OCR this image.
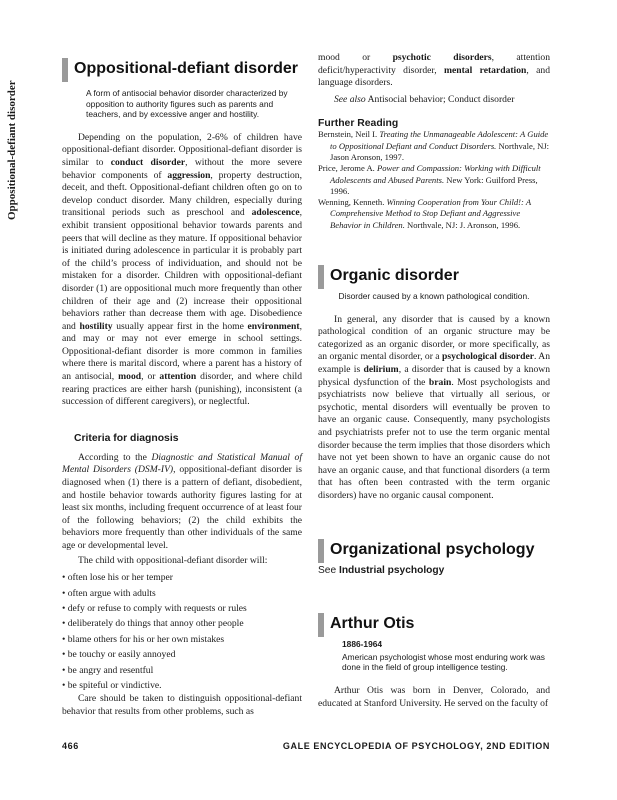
Oppositional-defiant disorder
Oppositional-defiant disorder

A form of antisocial behavior disorder characterized by opposition to authority figures such as parents and teachers, and by excessive anger and hostility.

Depending on the population, 2-6% of children have oppositional-defiant disorder. Oppositional-defiant disorder is similar to conduct disorder, without the more severe behavior components of aggression, property destruction, deceit, and theft. Oppositional-defiant children often go on to develop conduct disorder. Many children, especially during transitional periods such as preschool and adolescence, exhibit transient oppositional behavior towards parents and peers that will decline as they mature. If oppositional behavior is initiated during adolescence in particular it is probably part of the child’s process of individuation, and should not be mistaken for a disorder. Children with oppositional-defiant disorder (1) are oppositional much more frequently than other children of their age and (2) increase their oppositional behaviors rather than decrease them with age. Disobedience and hostility usually appear first in the home environment, and may or may not ever emerge in school settings. Oppositional-defiant disorder is more common in families where there is marital discord, where a parent has a history of an antisocial, mood, or attention disorder, and where child rearing practices are either harsh (punishing), inconsistent (a succession of different caregivers), or neglectful.

Criteria for diagnosis

According to the Diagnostic and Statistical Manual of Mental Disorders (DSM-IV), oppositional-defiant disorder is diagnosed when (1) there is a pattern of defiant, disobedient, and hostile behavior towards authority figures lasting for at least six months, including frequent occurrence of at least four of the following behaviors; (2) the child exhibits the behaviors more frequently than other individuals of the same age or developmental level.

The child with oppositional-defiant disorder will:

• often lose his or her temper
• often argue with adults
• defy or refuse to comply with requests or rules
• deliberately do things that annoy other people
• blame others for his or her own mistakes
• be touchy or easily annoyed
• be angry and resentful
• be spiteful or vindictive.

Care should be taken to distinguish oppositional-defiant behavior that results from other problems, such as

mood or psychotic disorders, attention deficit/hyperactivity disorder, mental retardation, and language disorders.

See also Antisocial behavior; Conduct disorder

Further Reading

Bernstein, Neil I. Treating the Unmanageable Adolescent: A Guide to Oppositional Defiant and Conduct Disorders. Northvale, NJ: Jason Aronson, 1997.

Price, Jerome A. Power and Compassion: Working with Difficult Adolescents and Abused Parents. New York: Guilford Press, 1996.

Wenning, Kenneth. Winning Cooperation from Your Child!: A Comprehensive Method to Stop Defiant and Aggressive Behavior in Children. Northvale, NJ: J. Aronson, 1996.

Organic disorder

Disorder caused by a known pathological condition.

In general, any disorder that is caused by a known pathological condition of an organic structure may be categorized as an organic disorder, or more specifically, as an organic mental disorder, or a psychological disorder. An example is delirium, a disorder that is caused by a known physical dysfunction of the brain. Most psychologists and psychiatrists now believe that virtually all serious, or psychotic, mental disorders will eventually be proven to have an organic cause. Consequently, many psychologists and psychiatrists prefer not to use the term organic mental disorder because the term implies that those disorders which have not yet been shown to have an organic cause do not have an organic cause, and that functional disorders (a term that has often been contrasted with the term organic disorders) have no organic causal component.

Organizational psychology

See Industrial psychology

Arthur Otis

1886-1964

American psychologist whose most enduring work was done in the field of group intelligence testing.

Arthur Otis was born in Denver, Colorado, and educated at Stanford University. He served on the faculty of

466	GALE ENCYCLOPEDIA OF PSYCHOLOGY, 2ND EDITION
